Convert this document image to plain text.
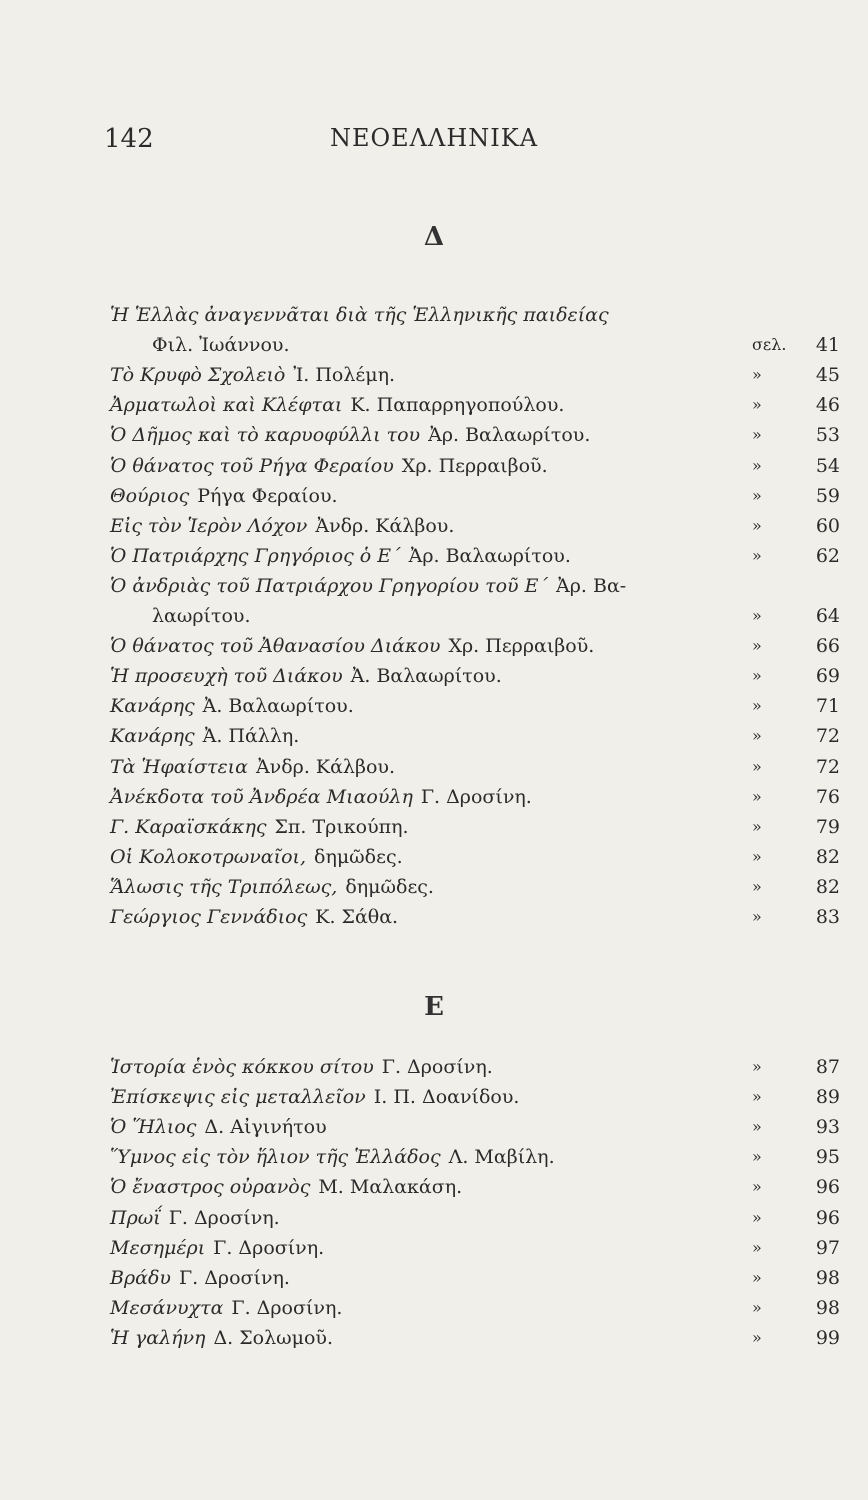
142	ΝΕΟΕΛΛΗΝΙΚΑ
Δ
Ε
Ἡ Ἑλλὰς ἀναγεννᾶται διὰ τῆς Ἑλληνικῆς παιδείας
Φιλ. Ἰωάννου.	σελ. 41
Τὸ Κρυφὸ Σχολειὸ Ἰ. Πολέμη.	»	45
Ἀρματωλοὶ καὶ Κλέφται Κ. Παπαρρηγοπούλου.	»	46
Ὁ Δῆμος καὶ τὸ καρυοφύλλι του Ἀρ. Βαλαωρίτου.	»	53
Ὁ θάνατος τοῦ Ρήγα Φεραίου Χρ. Περραιβοῦ.	»	54
Θούριος Ρήγα Φεραίου.	»	59
Εἰς τὸν Ἱερὸν Λόχον Ἀνδρ. Κάλβου.	»	60
Ὁ Πατριάρχης Γρηγόριος ὁ Ε΄ Ἀρ. Βαλαωρίτου.	»	62
Ὁ ἀνδριὰς τοῦ Πατριάρχου Γρηγορίου τοῦ Ε΄ Ἀρ. Βα-
λαωρίτου.	»	64
Ὁ θάνατος τοῦ Ἀθανασίου Διάκου Χρ. Περραιβοῦ.	»	66
Ἡ προσευχὴ τοῦ Διάκου Ἀ. Βαλαωρίτου.	»	69
Κανάρης Ἀ. Βαλαωρίτου.	»	71
Κανάρης Ἀ. Πάλλη.	»	72
Τὰ Ἡφαίστεια Ἀνδρ. Κάλβου.	»	72
Ἀνέκδοτα τοῦ Ἀνδρέα Μιαούλη Γ. Δροσίνη.	»	76
Γ. Καραϊσκάκης Σπ. Τρικούπη.	»	79
Οἱ Κολοκοτρωναῖοι, δημῶδες.	»	82
Ἅλωσις τῆς Τριπόλεως, δημῶδες.	»	82
Γεώργιος Γεννάδιος Κ. Σάθα.	»	83
Ἱστορία ἑνὸς κόκκου σίτου Γ. Δροσίνη.	»	87
Ἐπίσκεψις εἰς μεταλλεῖον Ι. Π. Δοανίδου.	»	89
Ὁ Ἥλιος Δ. Αἰγινήτου	»	93
Ὕμνος εἰς τὸν ἥλιον τῆς Ἑλλάδος Λ. Μαβίλη.	»	95
Ὁ ἔναστρος οὐρανὸς Μ. Μαλακάση.	»	96
Πρωΐ Γ. Δροσίνη.	»	96
Μεσημέρι Γ. Δροσίνη.	»	97
Βράδυ Γ. Δροσίνη.	»	98
Μεσάνυχτα Γ. Δροσίνη.	»	98
Ἡ γαλήνη Δ. Σολωμοῦ.	»	99
